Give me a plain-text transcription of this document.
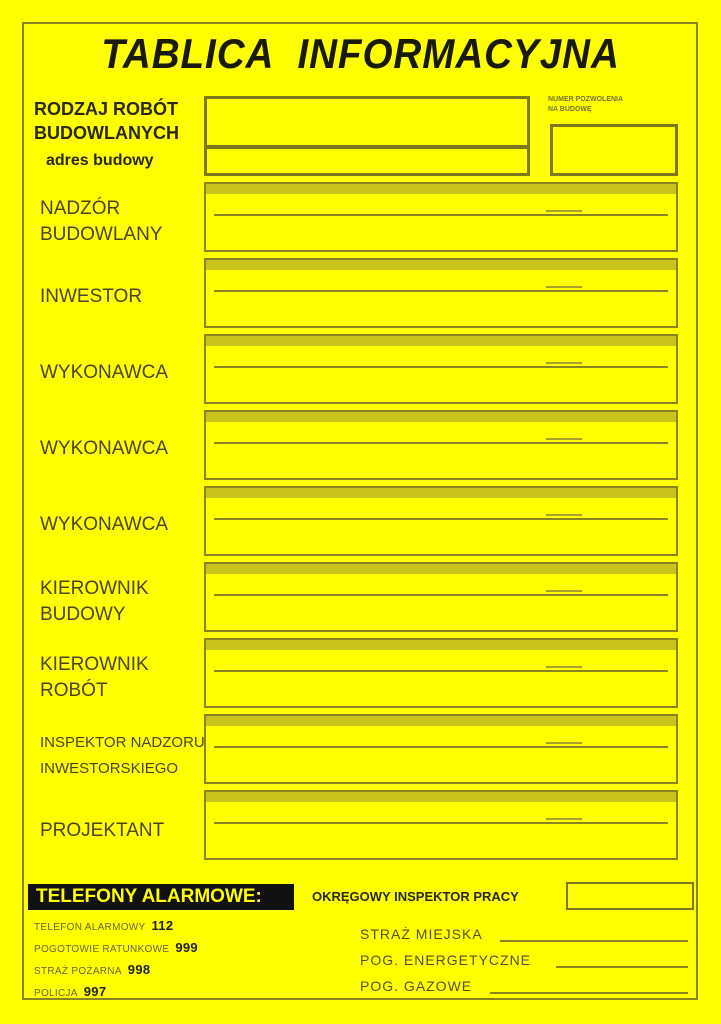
TABLICA INFORMACYJNA
RODZAJ ROBÓT
BUDOWLANYCH
adres budowy
NUMER POZWOLENIA
NA BUDOWĘ
NADZÓR
BUDOWLANY
INWESTOR
WYKONAWCA
WYKONAWCA
WYKONAWCA
KIEROWNIK
BUDOWY
KIEROWNIK
ROBÓT
INSPEKTOR NADZORU
INWESTORSKIEGO
PROJEKTANT
TELEFONY ALARMOWE:	OKRĘGOWY INSPEKTOR PRACY
TELEFON ALARMOWY 112
POGOTOWIE RATUNKOWE 999
STRAŻ POŻARNA 998
POLICJA 997
STRAŻ MIEJSKA
POG. ENERGETYCZNE
POG. GAZOWE
